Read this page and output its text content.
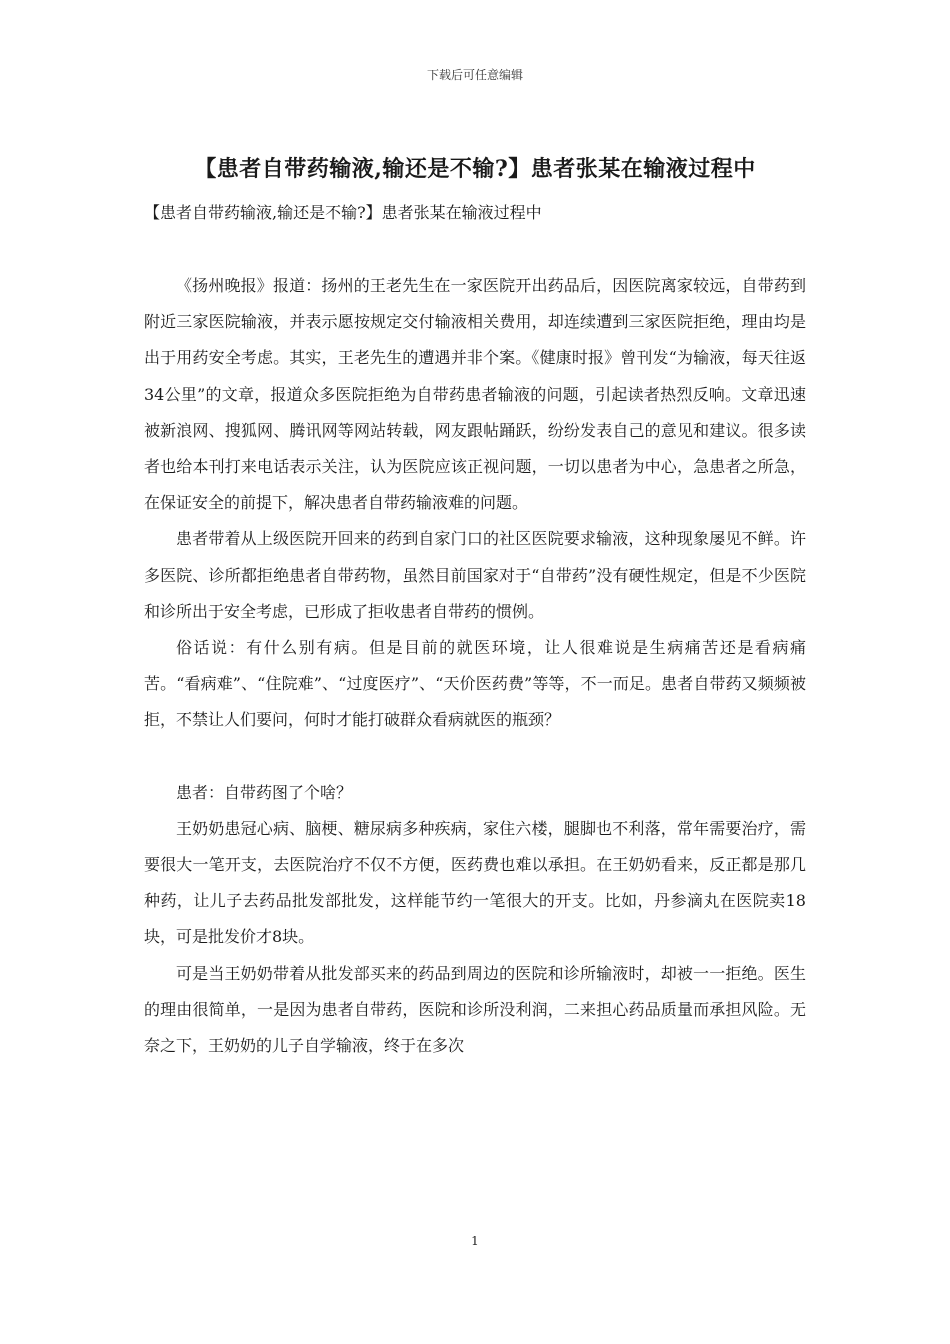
下载后可任意编辑
【患者自带药输液,输还是不输?】患者张某在输液过程中
【患者自带药输液,输还是不输?】患者张某在输液过程中

《扬州晚报》报道：扬州的王老先生在一家医院开出药品后，因医院离家较远，自带药到附近三家医院输液，并表示愿按规定交付输液相关费用，却连续遭到三家医院拒绝，理由均是出于用药安全考虑。其实，王老先生的遭遇并非个案。《健康时报》曾刊发“为输液，每天往返34公里”的文章，报道众多医院拒绝为自带药患者输液的问题，引起读者热烈反响。文章迅速被新浪网、搜狐网、腾讯网等网站转载，网友跟帖踊跃，纷纷发表自己的意见和建议。很多读者也给本刊打来电话表示关注，认为医院应该正视问题，一切以患者为中心，急患者之所急，在保证安全的前提下，解决患者自带药输液难的问题。

患者带着从上级医院开回来的药到自家门口的社区医院要求输液，这种现象屡见不鲜。许多医院、诊所都拒绝患者自带药物，虽然目前国家对于“自带药”没有硬性规定，但是不少医院和诊所出于安全考虑，已形成了拒收患者自带药的惯例。

俗话说：有什么别有病。但是目前的就医环境，让人很难说是生病痛苦还是看病痛苦。“看病难”、“住院难”、“过度医疗”、“天价医药费”等等，不一而足。患者自带药又频频被拒，不禁让人们要问，何时才能打破群众看病就医的瓶颈？

患者：自带药图了个啥？

王奶奶患冠心病、脑梗、糖尿病多种疾病，家住六楼，腿脚也不利落，常年需要治疗，需要很大一笔开支，去医院治疗不仅不方便，医药费也难以承担。在王奶奶看来，反正都是那几种药，让儿子去药品批发部批发，这样能节约一笔很大的开支。比如，丹参滴丸在医院卖18块，可是批发价才8块。

可是当王奶奶带着从批发部买来的药品到周边的医院和诊所输液时，却被一一拒绝。医生的理由很简单，一是因为患者自带药，医院和诊所没利润，二来担心药品质量而承担风险。无奈之下，王奶奶的儿子自学输液，终于在多次

1
